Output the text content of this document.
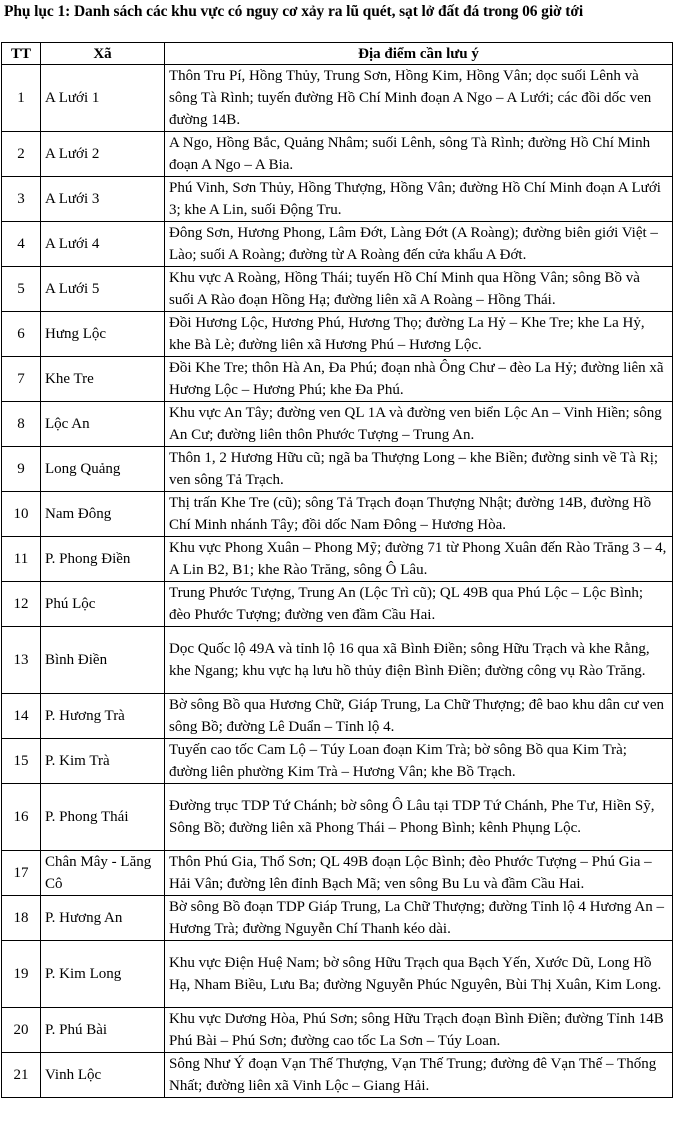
Phụ lục 1: Danh sách các khu vực có nguy cơ xảy ra lũ quét, sạt lở đất đá trong 06 giờ tới
TT	Xã	Địa điểm cần lưu ý
1	A Lưới 1	Thôn Tru Pí, Hồng Thủy, Trung Sơn, Hồng Kim, Hồng Vân; dọc suối Lênh và sông Tà Rình; tuyến đường Hồ Chí Minh đoạn A Ngo – A Lưới; các đồi dốc ven đường 14B.
2	A Lưới 2	A Ngo, Hồng Bắc, Quảng Nhâm; suối Lênh, sông Tà Rình; đường Hồ Chí Minh đoạn A Ngo – A Bia.
3	A Lưới 3	Phú Vinh, Sơn Thủy, Hồng Thượng, Hồng Vân; đường Hồ Chí Minh đoạn A Lưới 3; khe A Lin, suối Động Tru.
4	A Lưới 4	Đông Sơn, Hương Phong, Lâm Đớt, Làng Đớt (A Roàng); đường biên giới Việt – Lào; suối A Roàng; đường từ A Roàng đến cửa khẩu A Đớt.
5	A Lưới 5	Khu vực A Roàng, Hồng Thái; tuyến Hồ Chí Minh qua Hồng Vân; sông Bồ và suối A Rào đoạn Hồng Hạ; đường liên xã A Roàng – Hồng Thái.
6	Hưng Lộc	Đồi Hương Lộc, Hương Phú, Hương Thọ; đường La Hỷ – Khe Tre; khe La Hỷ, khe Bà Lè; đường liên xã Hương Phú – Hương Lộc.
7	Khe Tre	Đồi Khe Tre; thôn Hà An, Đa Phú; đoạn nhà Ông Chư – đèo La Hỷ; đường liên xã Hương Lộc – Hương Phú; khe Đa Phú.
8	Lộc An	Khu vực An Tây; đường ven QL 1A và đường ven biển Lộc An – Vinh Hiền; sông An Cư; đường liên thôn Phước Tượng – Trung An.
9	Long Quảng	Thôn 1, 2 Hương Hữu cũ; ngã ba Thượng Long – khe Biền; đường sinh về Tà Rị; ven sông Tả Trạch.
10	Nam Đông	Thị trấn Khe Tre (cũ); sông Tả Trạch đoạn Thượng Nhật; đường 14B, đường Hồ Chí Minh nhánh Tây; đồi dốc Nam Đông – Hương Hòa.
11	P. Phong Điền	Khu vực Phong Xuân – Phong Mỹ; đường 71 từ Phong Xuân đến Rào Trăng 3 – 4, A Lin B2, B1; khe Rào Trăng, sông Ô Lâu.
12	Phú Lộc	Trung Phước Tượng, Trung An (Lộc Trì cũ); QL 49B qua Phú Lộc – Lộc Bình; đèo Phước Tượng; đường ven đầm Cầu Hai.
13	Bình Điền	Dọc Quốc lộ 49A và tỉnh lộ 16 qua xã Bình Điền; sông Hữu Trạch và khe Rằng, khe Ngang; khu vực hạ lưu hồ thủy điện Bình Điền; đường công vụ Rào Trăng.
14	P. Hương Trà	Bờ sông Bồ qua Hương Chữ, Giáp Trung, La Chữ Thượng; đê bao khu dân cư ven sông Bồ; đường Lê Duẩn – Tỉnh lộ 4.
15	P. Kim Trà	Tuyến cao tốc Cam Lộ – Túy Loan đoạn Kim Trà; bờ sông Bồ qua Kim Trà; đường liên phường Kim Trà – Hương Vân; khe Bồ Trạch.
16	P. Phong Thái	Đường trục TDP Tứ Chánh; bờ sông Ô Lâu tại TDP Tứ Chánh, Phe Tư, Hiền Sỹ, Sông Bồ; đường liên xã Phong Thái – Phong Bình; kênh Phụng Lộc.
17	Chân Mây - Lăng Cô	Thôn Phú Gia, Thổ Sơn; QL 49B đoạn Lộc Bình; đèo Phước Tượng – Phú Gia – Hải Vân; đường lên đỉnh Bạch Mã; ven sông Bu Lu và đầm Cầu Hai.
18	P. Hương An	Bờ sông Bồ đoạn TDP Giáp Trung, La Chữ Thượng; đường Tỉnh lộ 4 Hương An – Hương Trà; đường Nguyễn Chí Thanh kéo dài.
19	P. Kim Long	Khu vực Điện Huệ Nam; bờ sông Hữu Trạch qua Bạch Yến, Xước Dũ, Long Hồ Hạ, Nham Biều, Lưu Ba; đường Nguyễn Phúc Nguyên, Bùi Thị Xuân, Kim Long.
20	P. Phú Bài	Khu vực Dương Hòa, Phú Sơn; sông Hữu Trạch đoạn Bình Điền; đường Tỉnh 14B Phú Bài – Phú Sơn; đường cao tốc La Sơn – Túy Loan.
21	Vinh Lộc	Sông Như Ý đoạn Vạn Thế Thượng, Vạn Thế Trung; đường đê Vạn Thế – Thống Nhất; đường liên xã Vinh Lộc – Giang Hải.
